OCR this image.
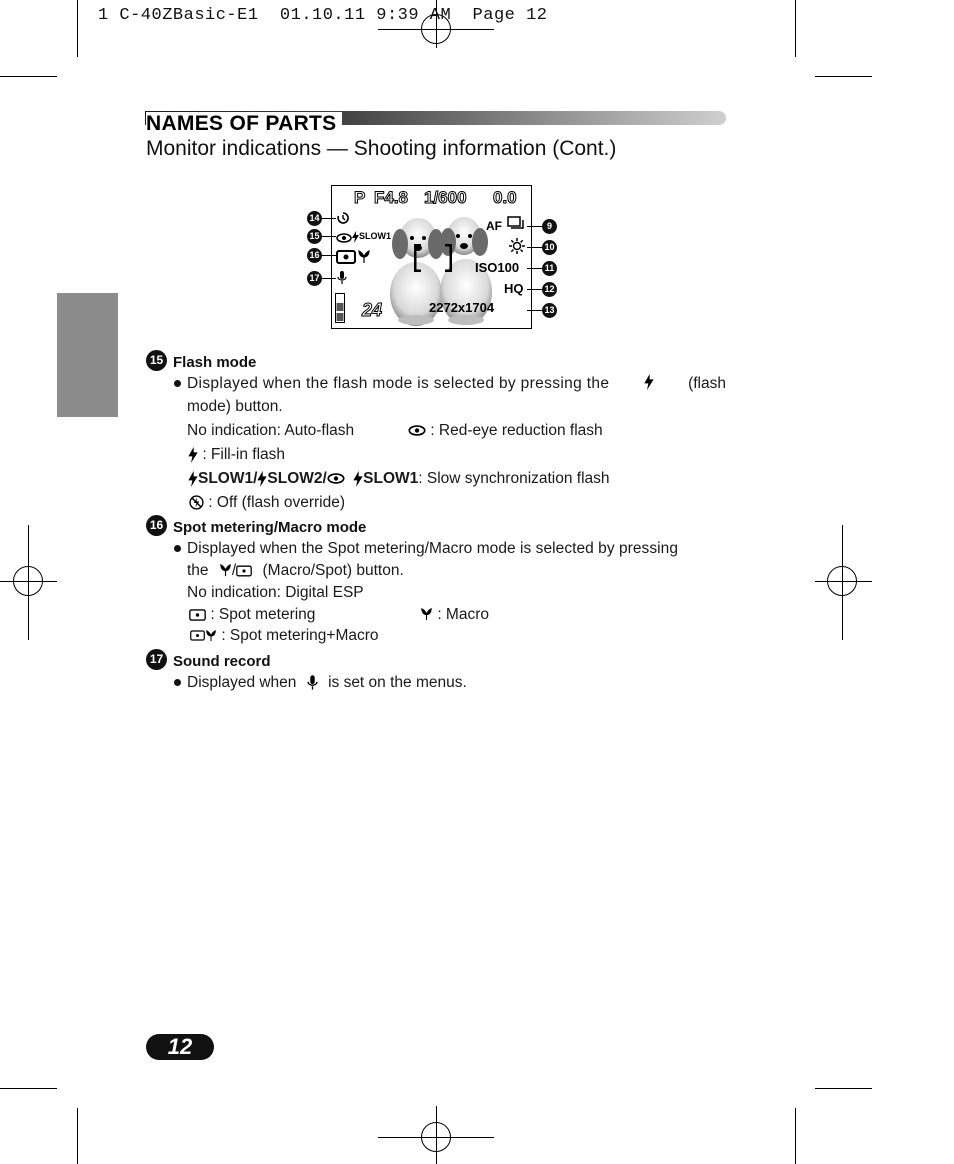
1 C-40ZBasic-E1  01.10.11 9:39 AM  Page 12
NAMES OF PARTS
Monitor indications — Shooting information (Cont.)
P F4.8 1/600 0.0
SLOW1
24
AF
ISO100
HQ
2272x1704
14
15
16
17
9
10
11
12
13
15 Flash mode
Displayed when the flash mode is selected by pressing the	(flash
mode) button.
No indication: Auto-flash	: Red-eye reduction flash
: Fill-in flash
SLOW1/ SLOW2/ SLOW1: Slow synchronization flash
: Off (flash override)
16 Spot metering/Macro mode
Displayed when the Spot metering/Macro mode is selected by pressing
the / (Macro/Spot) button.
No indication: Digital ESP
: Spot metering	: Macro
: Spot metering+Macro
17 Sound record
Displayed when is set on the menus.
12
